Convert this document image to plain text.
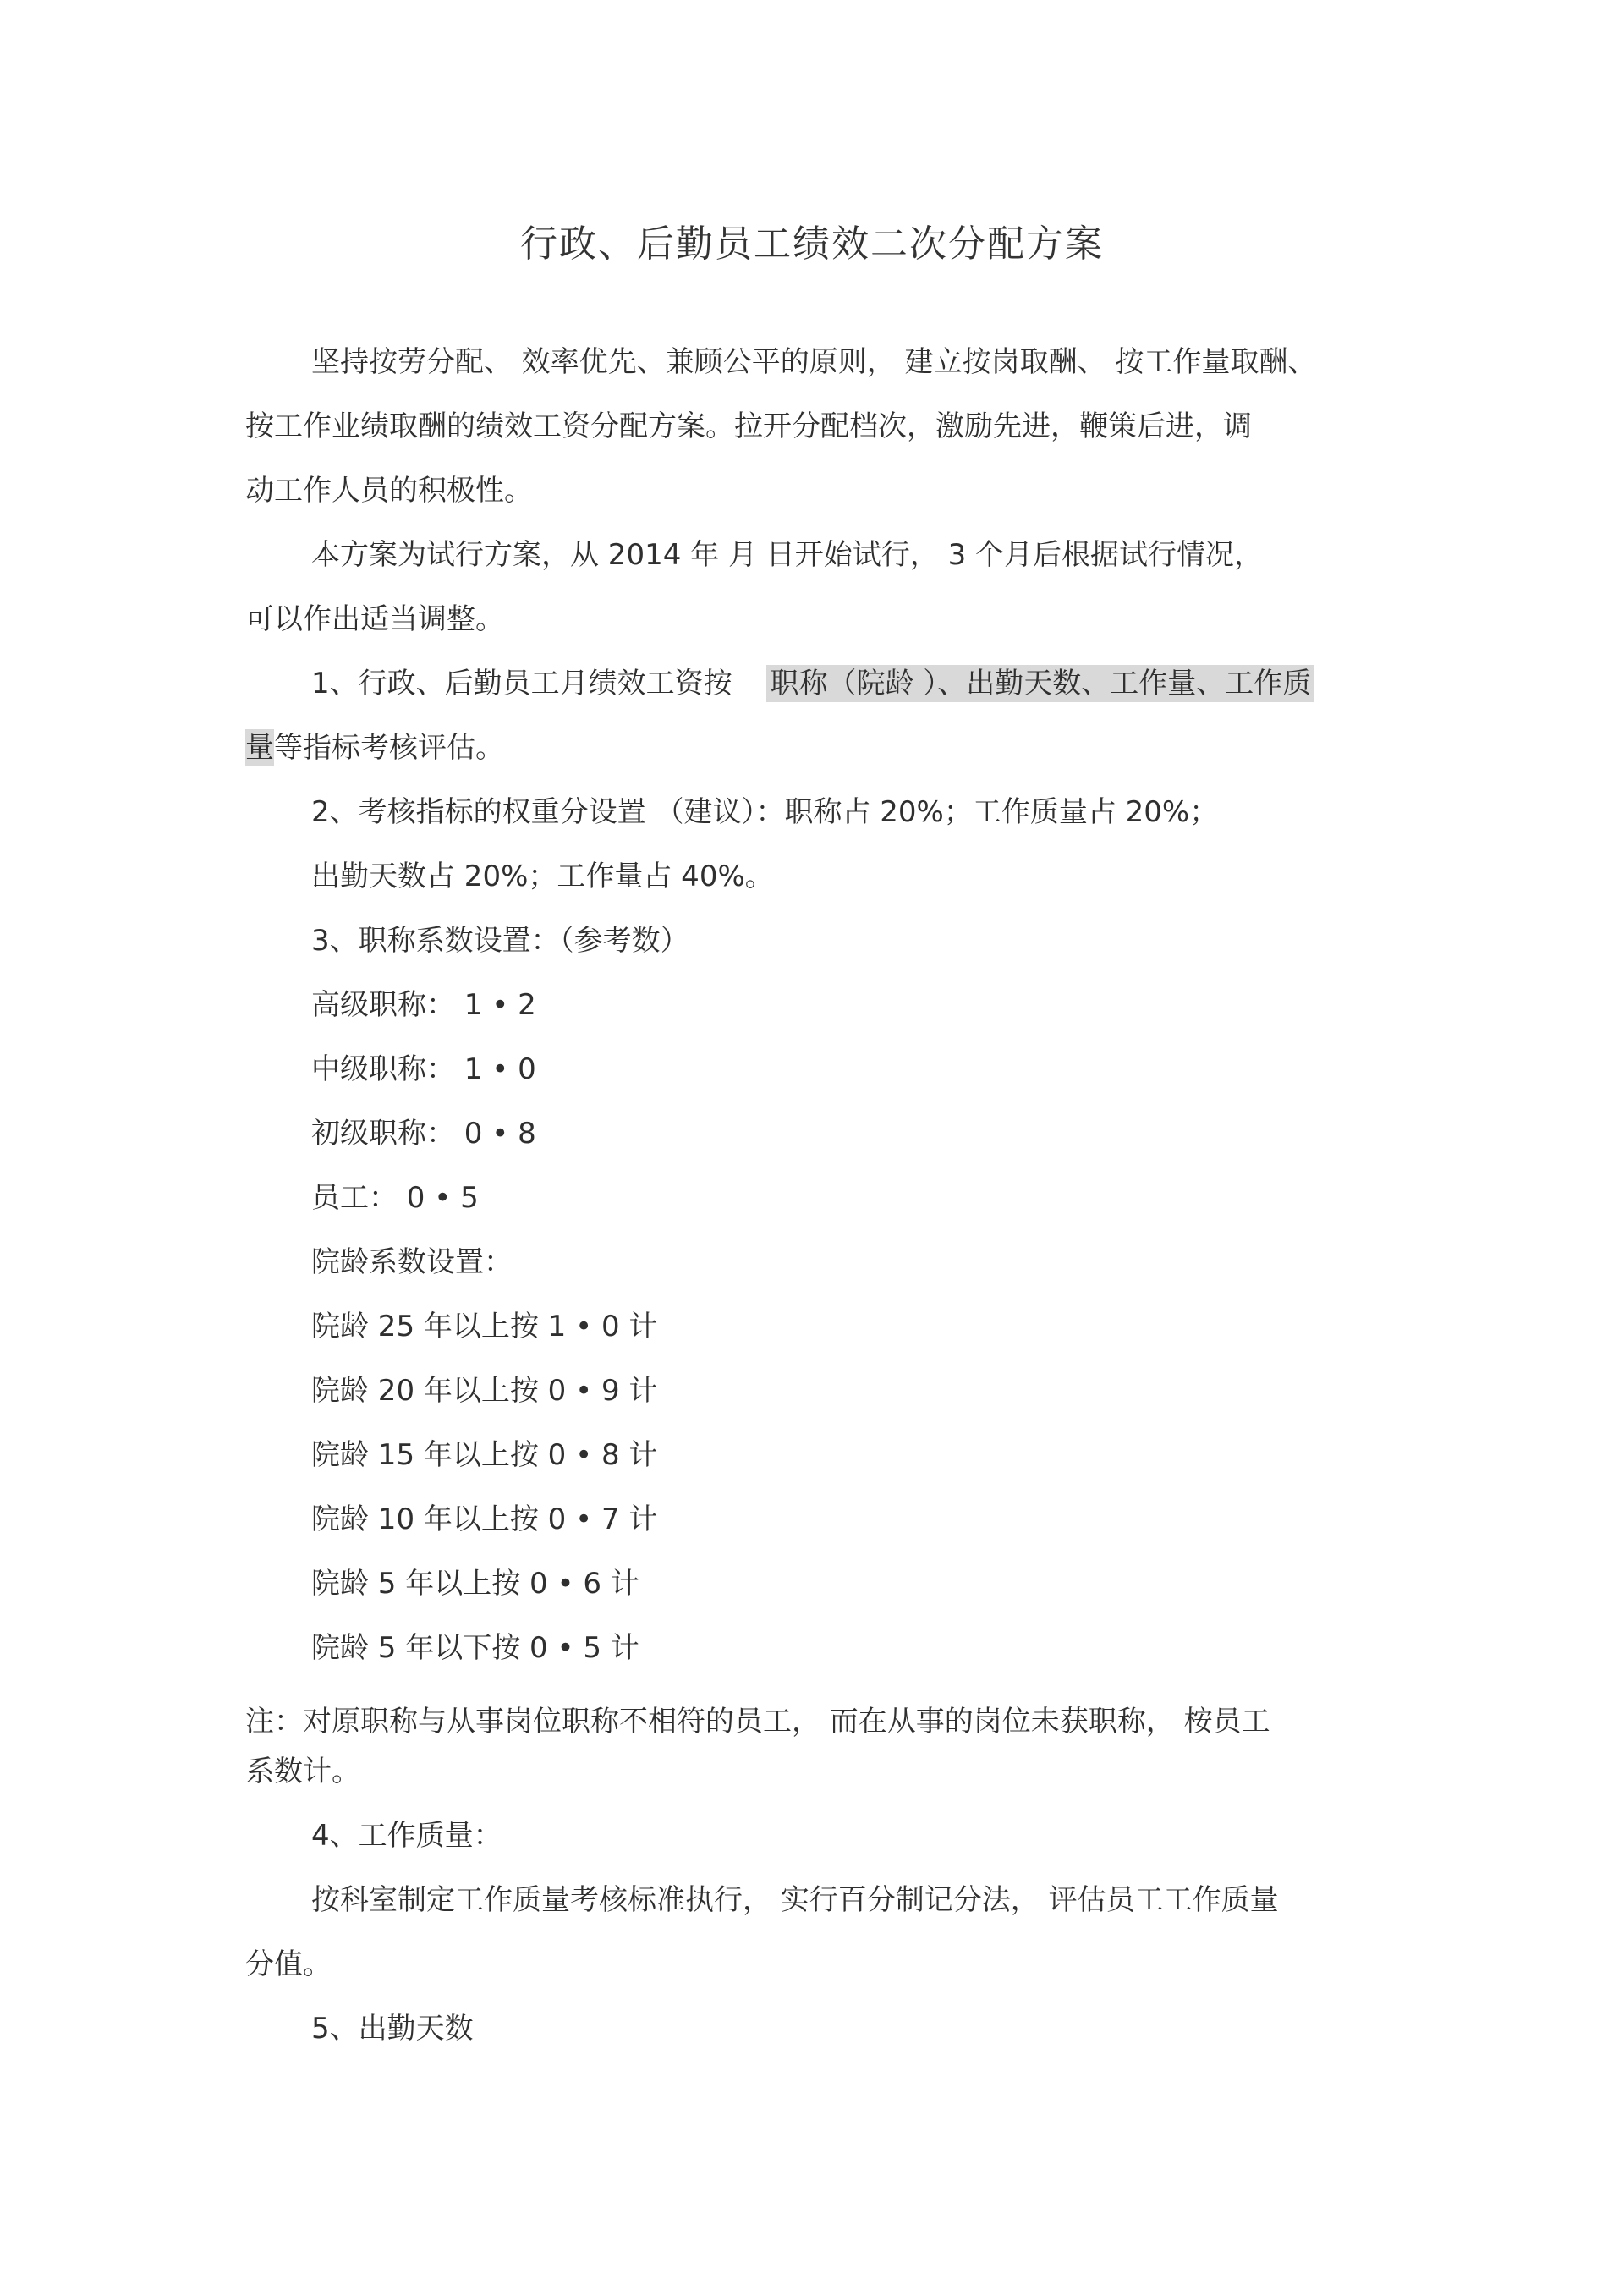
行政、后勤员工绩效二次分配方案
坚持按劳分配、 效率优先、兼顾公平的原则， 建立按岗取酬、 按工作量取酬、
按工作业绩取酬的绩效工资分配方案。拉开分配档次，激励先进，鞭策后进，调
动工作人员的积极性。
本方案为试行方案，从 2014 年 月 日开始试行， 3 个月后根据试行情况，
可以作出适当调整。
1、行政、后勤员工月绩效工资按 职称（院龄 ）、出勤天数、工作量、工作质
量等指标考核评估。
2、考核指标的权重分设置 （建议）：职称占 20%；工作质量占 20%；
出勤天数占 20%；工作量占 40%。
3、职称系数设置：（参考数）
高级职称： 1 • 2
中级职称： 1 • 0
初级职称： 0 • 8
员工： 0 • 5
院龄系数设置：
院龄 25 年以上按 1 • 0 计
院龄 20 年以上按 0 • 9 计
院龄 15 年以上按 0 • 8 计
院龄 10 年以上按 0 • 7 计
院龄 5 年以上按 0 • 6 计
院龄 5 年以下按 0 • 5 计
注：对原职称与从事岗位职称不相符的员工， 而在从事的岗位未获职称， 桉员工
系数计。
4、工作质量：
按科室制定工作质量考核标准执行， 实行百分制记分法， 评估员工工作质量
分值。
5、出勤天数
